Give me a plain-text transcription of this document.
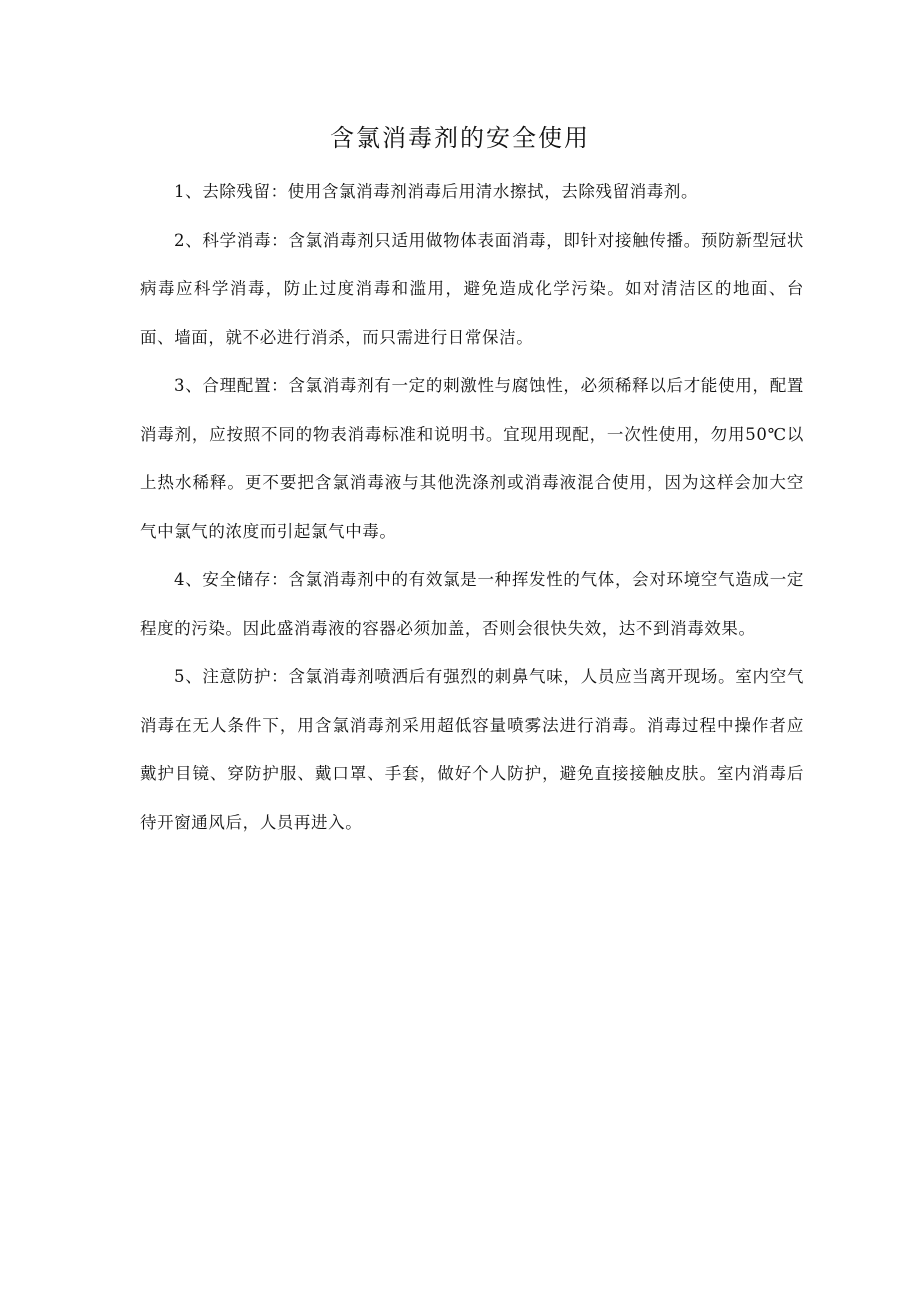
含氯消毒剂的安全使用

1、去除残留：使用含氯消毒剂消毒后用清水擦拭，去除残留消毒剂。

2、科学消毒：含氯消毒剂只适用做物体表面消毒，即针对接触传播。预防新型冠状病毒应科学消毒，防止过度消毒和滥用，避免造成化学污染。如对清洁区的地面、台面、墙面，就不必进行消杀，而只需进行日常保洁。

3、合理配置：含氯消毒剂有一定的刺激性与腐蚀性，必须稀释以后才能使用，配置消毒剂，应按照不同的物表消毒标准和说明书。宜现用现配，一次性使用，勿用50℃以上热水稀释。更不要把含氯消毒液与其他洗涤剂或消毒液混合使用，因为这样会加大空气中氯气的浓度而引起氯气中毒。

4、安全储存：含氯消毒剂中的有效氯是一种挥发性的气体，会对环境空气造成一定程度的污染。因此盛消毒液的容器必须加盖，否则会很快失效，达不到消毒效果。

5、注意防护：含氯消毒剂喷洒后有强烈的刺鼻气味，人员应当离开现场。室内空气消毒在无人条件下，用含氯消毒剂采用超低容量喷雾法进行消毒。消毒过程中操作者应戴护目镜、穿防护服、戴口罩、手套，做好个人防护，避免直接接触皮肤。室内消毒后待开窗通风后，人员再进入。
